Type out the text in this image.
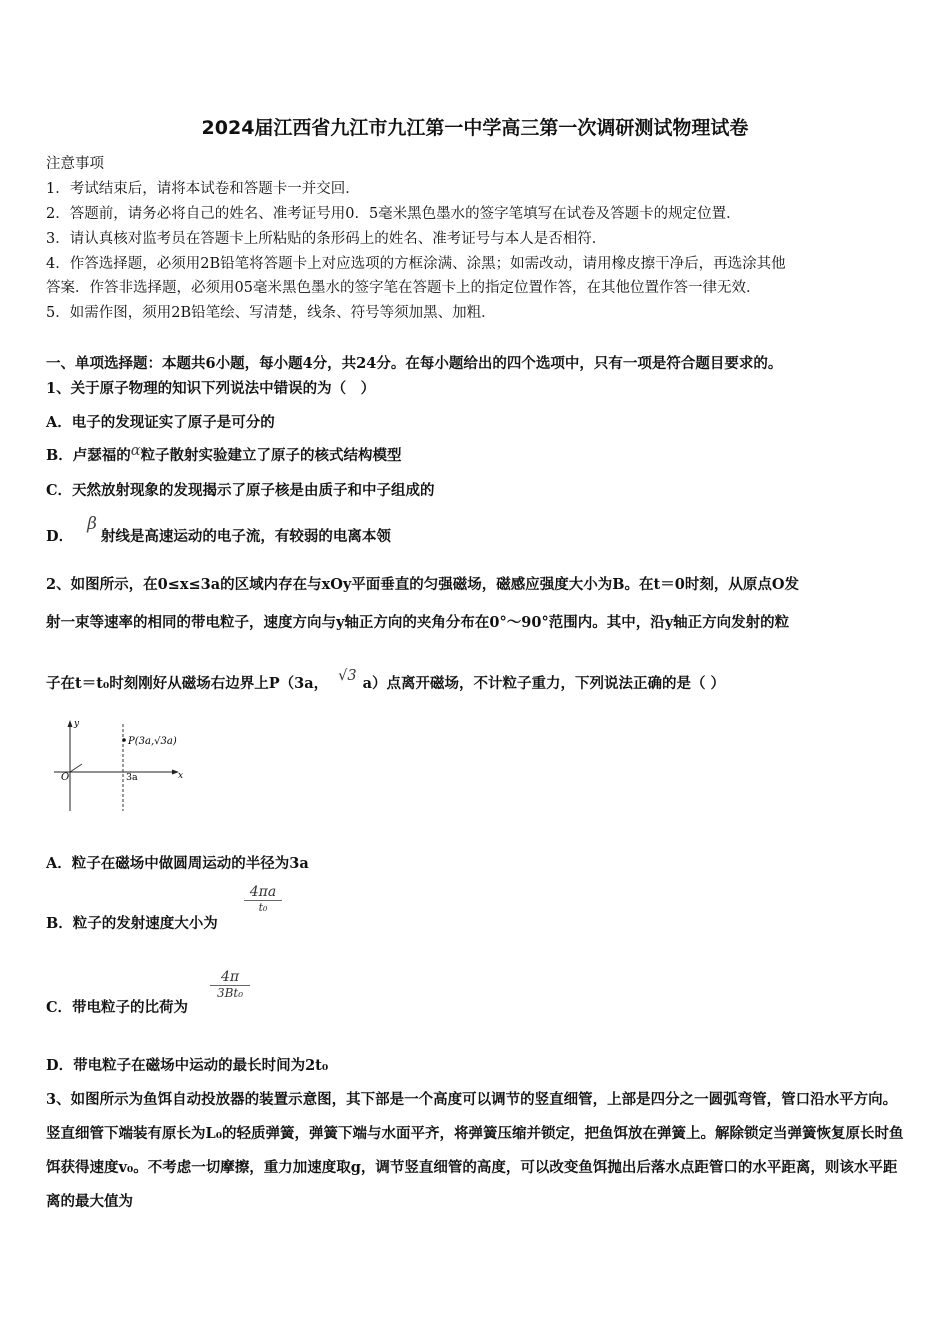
2024届江西省九江市九江第一中学高三第一次调研测试物理试卷
注意事项
1．考试结束后，请将本试卷和答题卡一并交回．
2．答题前，请务必将自己的姓名、准考证号用0．5毫米黑色墨水的签字笔填写在试卷及答题卡的规定位置．
3．请认真核对监考员在答题卡上所粘贴的条形码上的姓名、准考证号与本人是否相符．
4．作答选择题，必须用2B铅笔将答题卡上对应选项的方框涂满、涂黑；如需改动，请用橡皮擦干净后，再选涂其他
答案．作答非选择题，必须用05毫米黑色墨水的签字笔在答题卡上的指定位置作答，在其他位置作答一律无效．
5．如需作图，须用2B铅笔绘、写清楚，线条、符号等须加黑、加粗．
一、单项选择题：本题共6小题，每小题4分，共24分。在每小题给出的四个选项中，只有一项是符合题目要求的。
1、关于原子物理的知识下列说法中错误的为（　）
A．电子的发现证实了原子是可分的
B．卢瑟福的α粒子散射实验建立了原子的核式结构模型
C．天然放射现象的发现揭示了原子核是由质子和中子组成的
D．β射线是高速运动的电子流，有较弱的电离本领
2、如图所示，在0≤x≤3a的区域内存在与xOy平面垂直的匀强磁场，磁感应强度大小为B。在t＝0时刻，从原点O发
射一束等速率的相同的带电粒子，速度方向与y轴正方向的夹角分布在0°～90°范围内。其中，沿y轴正方向发射的粒
子在t＝t₀时刻刚好从磁场右边界上P（3a， √3 a）点离开磁场，不计粒子重力，下列说法正确的是（ ）
y
x
O	3a
P(3a,√3a)
A．粒子在磁场中做圆周运动的半径为3a
B．粒子的发射速度大小为
4πa
t₀
C．带电粒子的比荷为
4π
3Bt₀
D．带电粒子在磁场中运动的最长时间为2t₀
3、如图所示为鱼饵自动投放器的装置示意图，其下部是一个高度可以调节的竖直细管，上部是四分之一圆弧弯管，管口沿水平方向。竖直细管下端装有原长为L₀的轻质弹簧，弹簧下端与水面平齐，将弹簧压缩并锁定，把鱼饵放在弹簧上。解除锁定当弹簧恢复原长时鱼饵获得速度v₀。不考虑一切摩擦，重力加速度取g，调节竖直细管的高度，可以改变鱼饵抛出后落水点距管口的水平距离，则该水平距离的最大值为
